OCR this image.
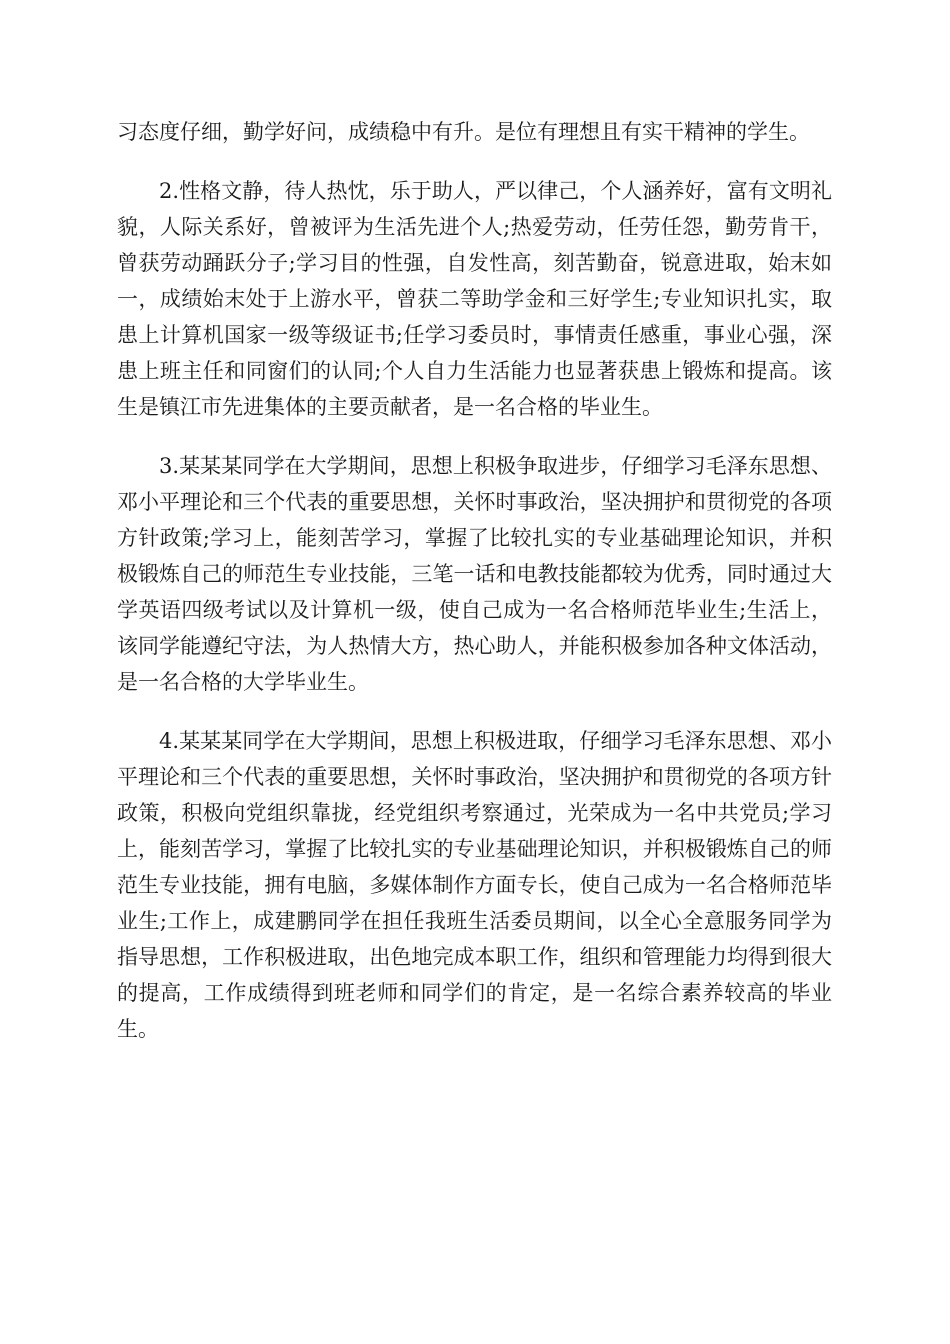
习态度仔细，勤学好问，成绩稳中有升。是位有理想且有实干精神的学生。

2.性格文静，待人热忱，乐于助人，严以律己，个人涵养好，富有文明礼貌，人际关系好，曾被评为生活先进个人;热爱劳动，任劳任怨，勤劳肯干，曾获劳动踊跃分子;学习目的性强，自发性高，刻苦勤奋，锐意进取，始末如一，成绩始末处于上游水平，曾获二等助学金和三好学生;专业知识扎实，取患上计算机国家一级等级证书;任学习委员时，事情责任感重，事业心强，深患上班主任和同窗们的认同;个人自力生活能力也显著获患上锻炼和提高。该生是镇江市先进集体的主要贡献者，是一名合格的毕业生。

3.某某某同学在大学期间，思想上积极争取进步，仔细学习毛泽东思想、邓小平理论和三个代表的重要思想，关怀时事政治，坚决拥护和贯彻党的各项方针政策;学习上，能刻苦学习，掌握了比较扎实的专业基础理论知识，并积极锻炼自己的师范生专业技能，三笔一话和电教技能都较为优秀，同时通过大学英语四级考试以及计算机一级，使自己成为一名合格师范毕业生;生活上，该同学能遵纪守法，为人热情大方，热心助人，并能积极参加各种文体活动，是一名合格的大学毕业生。

4.某某某同学在大学期间，思想上积极进取，仔细学习毛泽东思想、邓小平理论和三个代表的重要思想，关怀时事政治，坚决拥护和贯彻党的各项方针政策，积极向党组织靠拢，经党组织考察通过，光荣成为一名中共党员;学习上，能刻苦学习，掌握了比较扎实的专业基础理论知识，并积极锻炼自己的师范生专业技能，拥有电脑，多媒体制作方面专长，使自己成为一名合格师范毕业生;工作上，成建鹏同学在担任我班生活委员期间，以全心全意服务同学为指导思想，工作积极进取，出色地完成本职工作，组织和管理能力均得到很大的提高，工作成绩得到班老师和同学们的肯定，是一名综合素养较高的毕业生。
